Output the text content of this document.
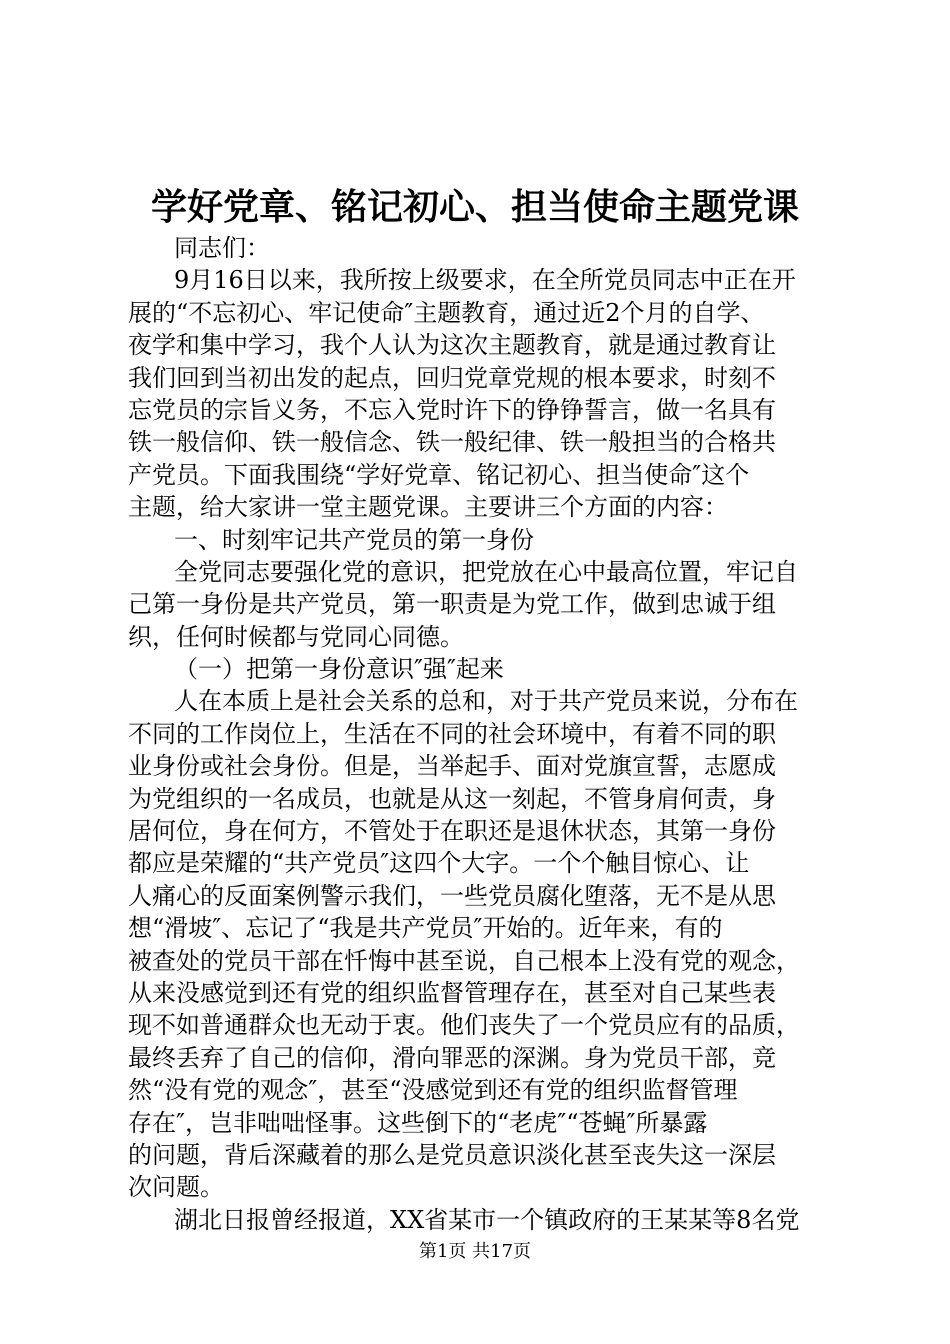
学好党章、铭记初心、担当使命主题党课
同志们：
9月16日以来，我所按上级要求，在全所党员同志中正在开
展的“不忘初心、牢记使命″主题教育，通过近2个月的自学、
夜学和集中学习，我个人认为这次主题教育，就是通过教育让
我们回到当初出发的起点，回归党章党规的根本要求，时刻不
忘党员的宗旨义务，不忘入党时许下的铮铮誓言，做一名具有
铁一般信仰、铁一般信念、铁一般纪律、铁一般担当的合格共
产党员。下面我围绕“学好党章、铭记初心、担当使命″这个
主题，给大家讲一堂主题党课。主要讲三个方面的内容：
一、时刻牢记共产党员的第一身份
全党同志要强化党的意识，把党放在心中最高位置，牢记自
己第一身份是共产党员，第一职责是为党工作，做到忠诚于组
织，任何时候都与党同心同德。
（一）把第一身份意识″强″起来
人在本质上是社会关系的总和，对于共产党员来说，分布在
不同的工作岗位上，生活在不同的社会环境中，有着不同的职
业身份或社会身份。但是，当举起手、面对党旗宣誓，志愿成
为党组织的一名成员，也就是从这一刻起，不管身肩何责，身
居何位，身在何方，不管处于在职还是退休状态，其第一身份
都应是荣耀的“共产党员″这四个大字。一个个触目惊心、让
人痛心的反面案例警示我们，一些党员腐化堕落，无不是从思
想“滑坡″、忘记了“我是共产党员″开始的。近年来，有的
被查处的党员干部在忏悔中甚至说，自己根本上没有党的观念，
从来没感觉到还有党的组织监督管理存在，甚至对自己某些表
现不如普通群众也无动于衷。他们丧失了一个党员应有的品质，
最终丢弃了自己的信仰，滑向罪恶的深渊。身为党员干部，竞
然“没有党的观念″，甚至“没感觉到还有党的组织监督管理
存在″，岂非咄咄怪事。这些倒下的“老虎″“苍蝇″所暴露
的问题，背后深藏着的那么是党员意识淡化甚至丧失这一深层
次问题。
湖北日报曾经报道，XX省某市一个镇政府的王某某等8名党
第1页 共17页
